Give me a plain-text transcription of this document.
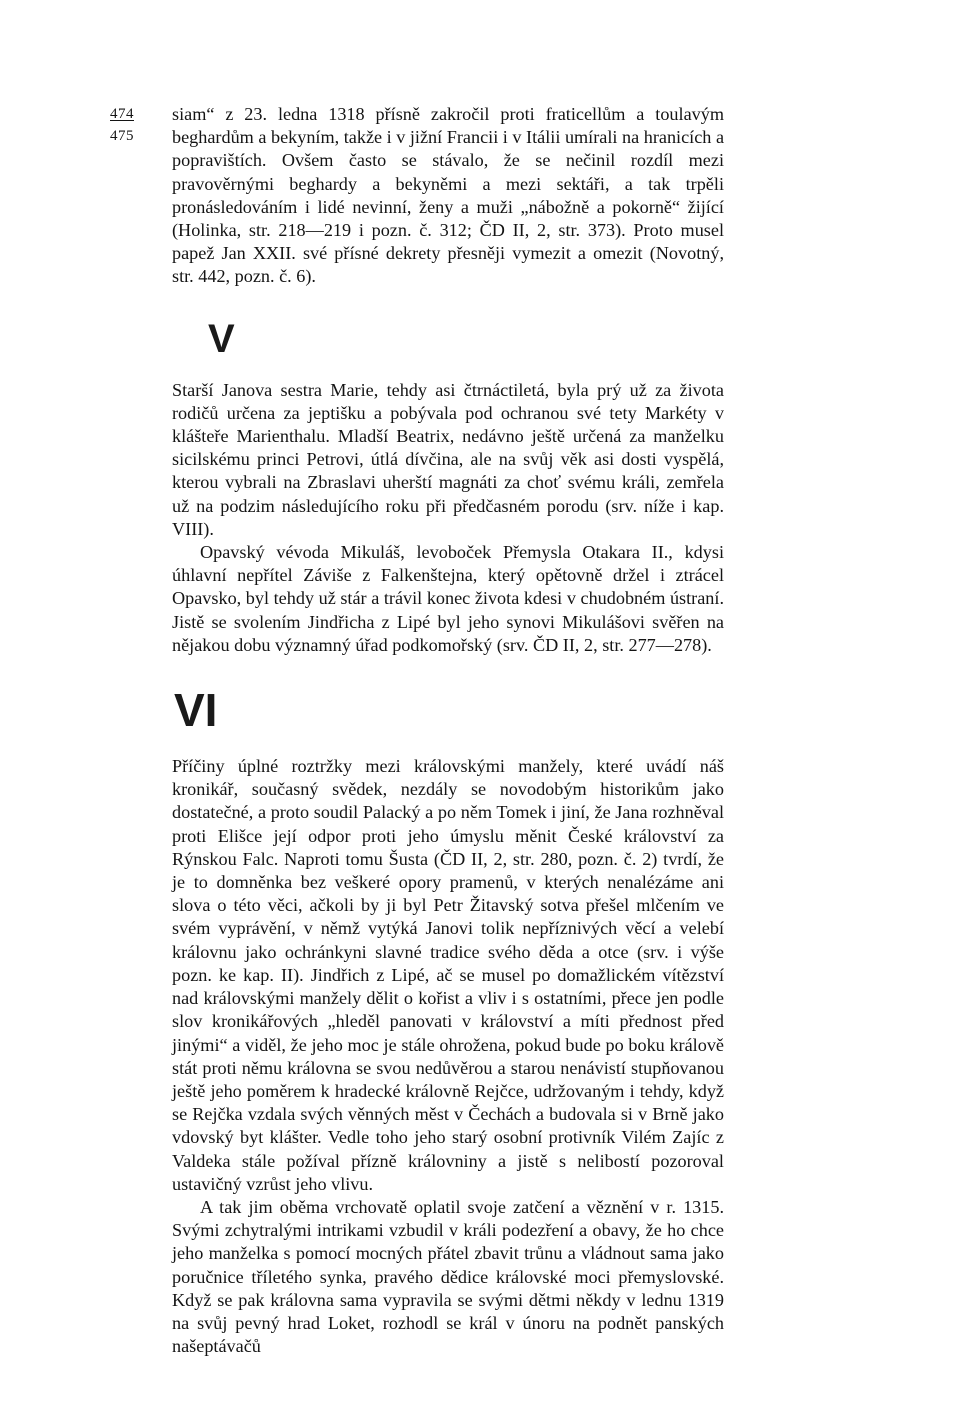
474
475

siam“ z 23. ledna 1318 přísně zakročil proti fraticellům a toulavým beghardům a bekyním, takže i v jižní Francii i v Itálii umírali na hranicích a popravištích. Ovšem často se stávalo, že se nečinil rozdíl mezi pravověrnými beghardy a bekyněmi a mezi sektáři, a tak trpěli pronásledováním i lidé nevinní, ženy a muži „nábožně a pokorně“ žijící (Holinka, str. 218—219 i pozn. č. 312; ČD II, 2, str. 373). Proto musel papež Jan XXII. své přísné dekrety přesněji vymezit a omezit (Novotný, str. 442, pozn. č. 6).

V

Starší Janova sestra Marie, tehdy asi čtrnáctiletá, byla prý už za života rodičů určena za jeptišku a pobývala pod ochranou své tety Markéty v klášteře Marienthalu. Mladší Beatrix, nedávno ještě určená za manželku sicilskému princi Petrovi, útlá dívčina, ale na svůj věk asi dosti vyspělá, kterou vybrali na Zbraslavi uherští magnáti za choť svému králi, zemřela už na podzim následujícího roku při předčasném porodu (srv. níže i kap. VIII).

Opavský vévoda Mikuláš, levoboček Přemysla Otakara II., kdysi úhlavní nepřítel Záviše z Falkenštejna, který opětovně držel i ztrácel Opavsko, byl tehdy už stár a trávil konec života kdesi v chudobném ústraní. Jistě se svolením Jindřicha z Lipé byl jeho synovi Mikulášovi svěřen na nějakou dobu významný úřad podkomořský (srv. ČD II, 2, str. 277—278).

VI

Příčiny úplné roztržky mezi královskými manžely, které uvádí náš kronikář, současný svědek, nezdály se novodobým historikům jako dostatečné, a proto soudil Palacký a po něm Tomek i jiní, že Jana rozhněval proti Elišce její odpor proti jeho úmyslu měnit České království za Rýnskou Falc. Naproti tomu Šusta (ČD II, 2, str. 280, pozn. č. 2) tvrdí, že je to domněnka bez veškeré opory pramenů, v kterých nenalézáme ani slova o této věci, ačkoli by ji byl Petr Žitavský sotva přešel mlčením ve svém vyprávění, v němž vytýká Janovi tolik nepříznivých věcí a velebí královnu jako ochránkyni slavné tradice svého děda a otce (srv. i výše pozn. ke kap. II). Jindřich z Lipé, ač se musel po domažlickém vítězství nad královskými manžely dělit o kořist a vliv i s ostatními, přece jen podle slov kronikářových „hleděl panovati v království a míti přednost před jinými“ a viděl, že jeho moc je stále ohrožena, pokud bude po boku králově stát proti němu královna se svou nedůvěrou a starou nenávistí stupňovanou ještě jeho poměrem k hradecké královně Rejčce, udržovaným i tehdy, když se Rejčka vzdala svých věnných měst v Čechách a budovala si v Brně jako vdovský byt klášter. Vedle toho jeho starý osobní protivník Vilém Zajíc z Valdeka stále požíval přízně královniny a jistě s nelibostí pozoroval ustavičný vzrůst jeho vlivu.

A tak jim oběma vrchovatě oplatil svoje zatčení a věznění v r. 1315. Svými zchytralými intrikami vzbudil v králi podezření a obavy, že ho chce jeho manželka s pomocí mocných přátel zbavit trůnu a vládnout sama jako poručnice tříletého synka, pravého dědice královské moci přemyslovské. Když se pak královna sama vypravila se svými dětmi někdy v lednu 1319 na svůj pevný hrad Loket, rozhodl se král v únoru na podnět panských našeptávačů
